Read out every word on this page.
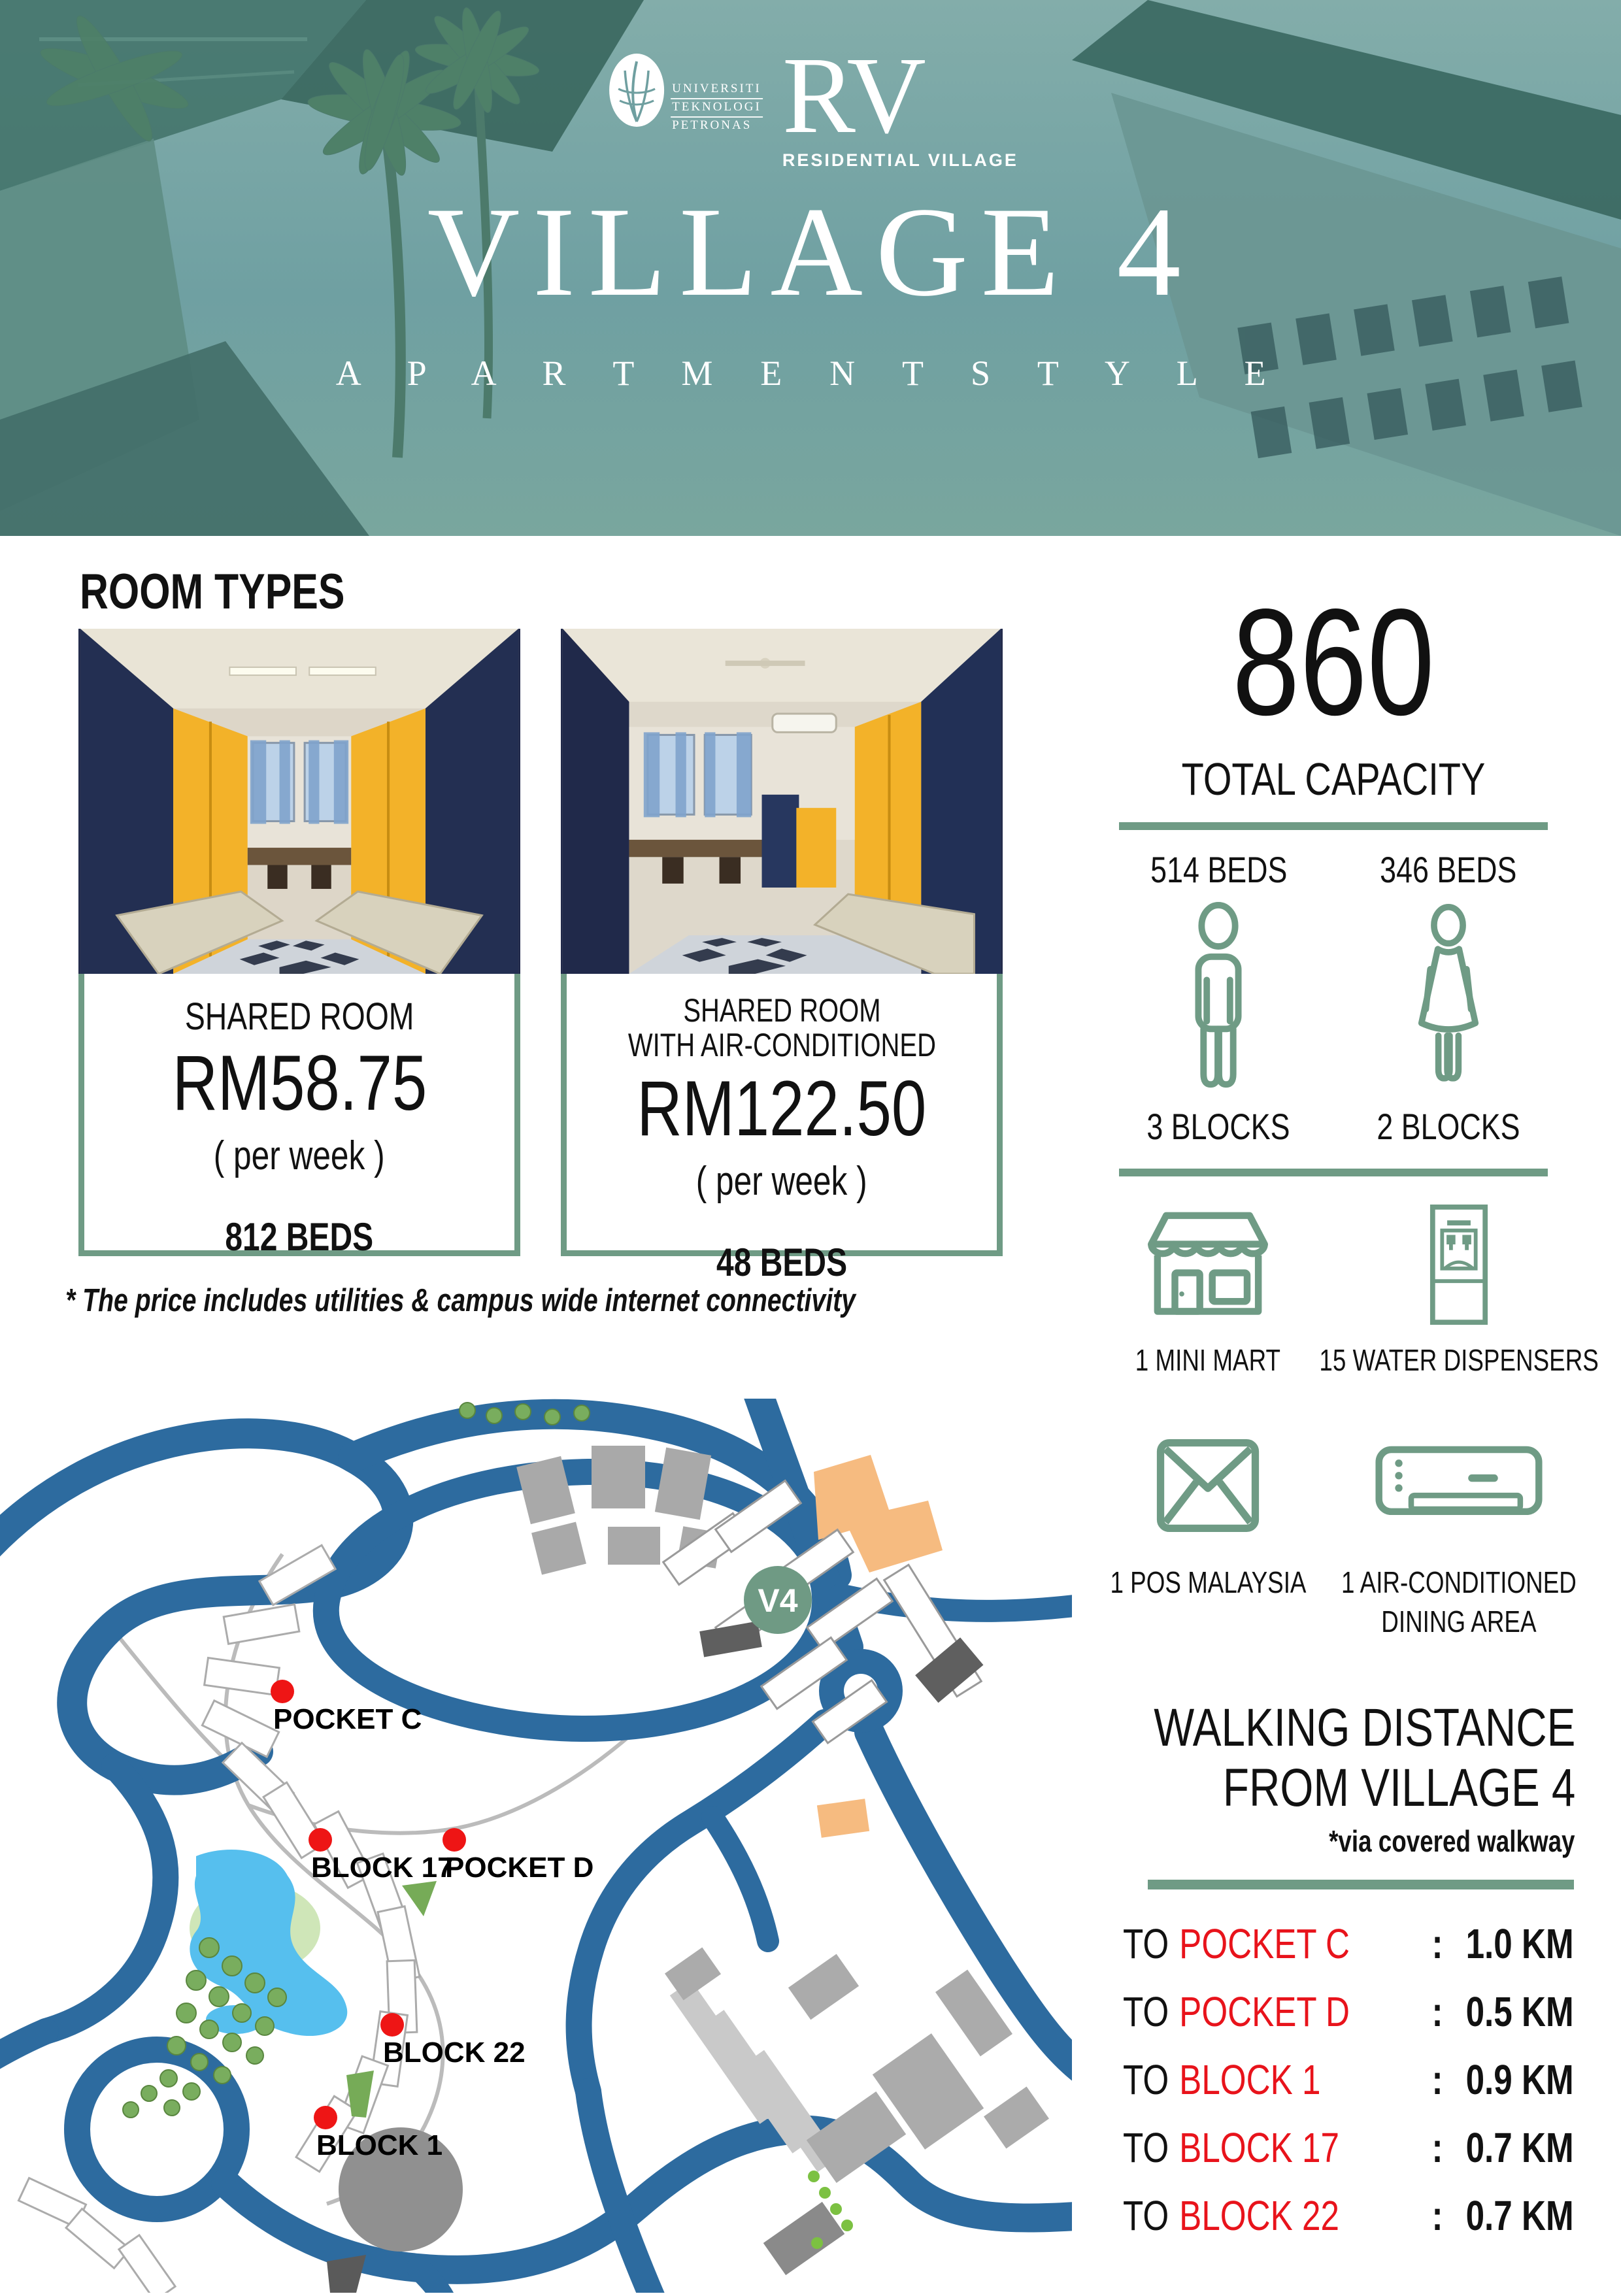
UNIVERSITI
TEKNOLOGI
PETRONAS RV
RESIDENTIAL VILLAGE
VILLAGE 4
A P A R T M E N T S T Y L E
ROOM TYPES
SHARED ROOM
RM58.75
( per week )
812 BEDS
SHARED ROOM
WITH AIR-CONDITIONED
RM122.50
( per week )
48 BEDS
* The price includes utilities & campus wide internet connectivity
860
TOTAL CAPACITY
514 BEDS
3 BLOCKS
346 BEDS
2 BLOCKS
1 MINI MART 15 WATER DISPENSERS
1 POS MALAYSIA 1 AIR-CONDITIONED
DINING AREA
WALKING DISTANCE
FROM VILLAGE 4
*via covered walkway
TO POCKET C : 1.0 KM
TO POCKET D : 0.5 KM
TO BLOCK 1	: 0.9 KM
TO BLOCK 17 : 0.7 KM
TO BLOCK 22 : 0.7 KM
V4
POCKET C
BLOCK 17
POCKET D
BLOCK 22
BLOCK 1
